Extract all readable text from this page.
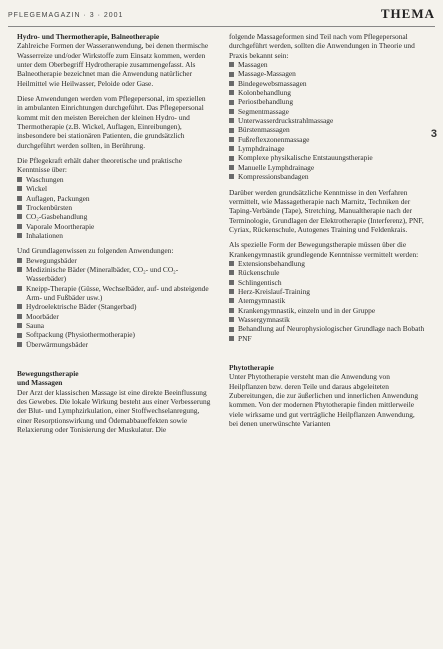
PFLEGEMAGAZIN · 3 · 2001	THEMA
3

Hydro- und Thermotherapie, Balneotherapie

Zahlreiche Formen der Wasseranwendung, bei denen thermische Wasserreize und/oder Wirkstoffe zum Einsatz kommen, werden unter dem Oberbegriff Hydrotherapie zusammengefasst. Als Balneotherapie bezeichnet man die Anwendung natürlicher Heilmittel wie Heilwasser, Peloide oder Gase.

Diese Anwendungen werden vom Pflegepersonal, im speziellen in ambulanten Einrichtungen durchgeführt. Das Pflegepersonal kommt mit den meisten Bereichen der kleinen Hydro- und Thermotherapie (z.B. Wickel, Auflagen, Einreibungen), insbesondere bei stationären Patienten, die grundsätzlich durchgeführt werden sollten, in Berührung.

Die Pflegekraft erhält daher theoretische und praktische Kenntnisse über:

Waschungen
Wickel
Auflagen, Packungen
Trockenbürsten
CO₂-Gasbehandlung
Vaporale Moortherapie
Inhalationen

Und Grundlagenwissen zu folgenden Anwendungen:

Bewegungsbäder
Medizinische Bäder (Mineralbäder, CO₂- und CO₂-Wasserbäder)
Kneipp-Therapie (Güsse, Wechselbäder, auf- und absteigende Arm- und Fußbäder usw.)
Hydroelektrische Bäder (Stangerbad)
Moorbäder
Sauna
Softpackung (Physiothermotherapie)
Überwärmungsbäder

Bewegungstherapie

und Massagen

Der Arzt der klassischen Massage ist eine direkte Beeinflussung des Gewebes. Die lokale Wirkung besteht aus einer Verbesserung der Blut- und Lymphzirkulation, einer Stoffwechselanregung, einer Resorptionswirkung und Ödemabbaueffekten sowie Relaxierung oder Tonisierung der Muskulatur. Die

folgende Massageformen sind Teil nach vom Pflegepersonal durchgeführt werden, sollten die Anwendungen in Theorie und Praxis bekannt sein:

Massagen
Massage-Massagen
Bindegewebsmassagen
Kolonbehandlung
Periostbehandlung
Segmentmassage
Unterwasserdruckstrahlmassage
Bürstenmassagen
Fußreflexzonenmassage
Lymphdrainage
Komplexe physikalische Entstauungstherapie
Manuelle Lymphdrainage
Kompressionsbandagen

Darüber werden grundsätzliche Kenntnisse in den Verfahren vermittelt, wie Massagetherapie nach Marnitz, Techniken der Taping-Verbände (Tape), Stretching, Manualtherapie nach der Terminologie, Grundlagen der Elektrotherapie (Interferenz), PNF, Cyriax, Rückenschule, Autogenes Training und Feldenkrais.

Als spezielle Form der Bewegungstherapie müssen über die Krankengymnastik grundlegende Kenntnisse vermittelt werden:

Extensionsbehandlung
Rückenschule
Schlingentisch
Herz-Kreislauf-Training
Atemgymnastik
Krankengymnastik, einzeln und in der Gruppe
Wassergymnastik
Behandlung auf Neurophysiologischer Grundlage nach Bobath
PNF

Phytotherapie

Unter Phytotherapie versteht man die Anwendung von Heilpflanzen bzw. deren Teile und daraus abgeleiteten Zubereitungen, die zur äußerlichen und innerlichen Anwendung kommen. Von der modernen Phytotherapie finden mittlerweile viele wirksame und gut verträgliche Heilpflanzen Anwendung, bei denen unerwünschte Varianten
